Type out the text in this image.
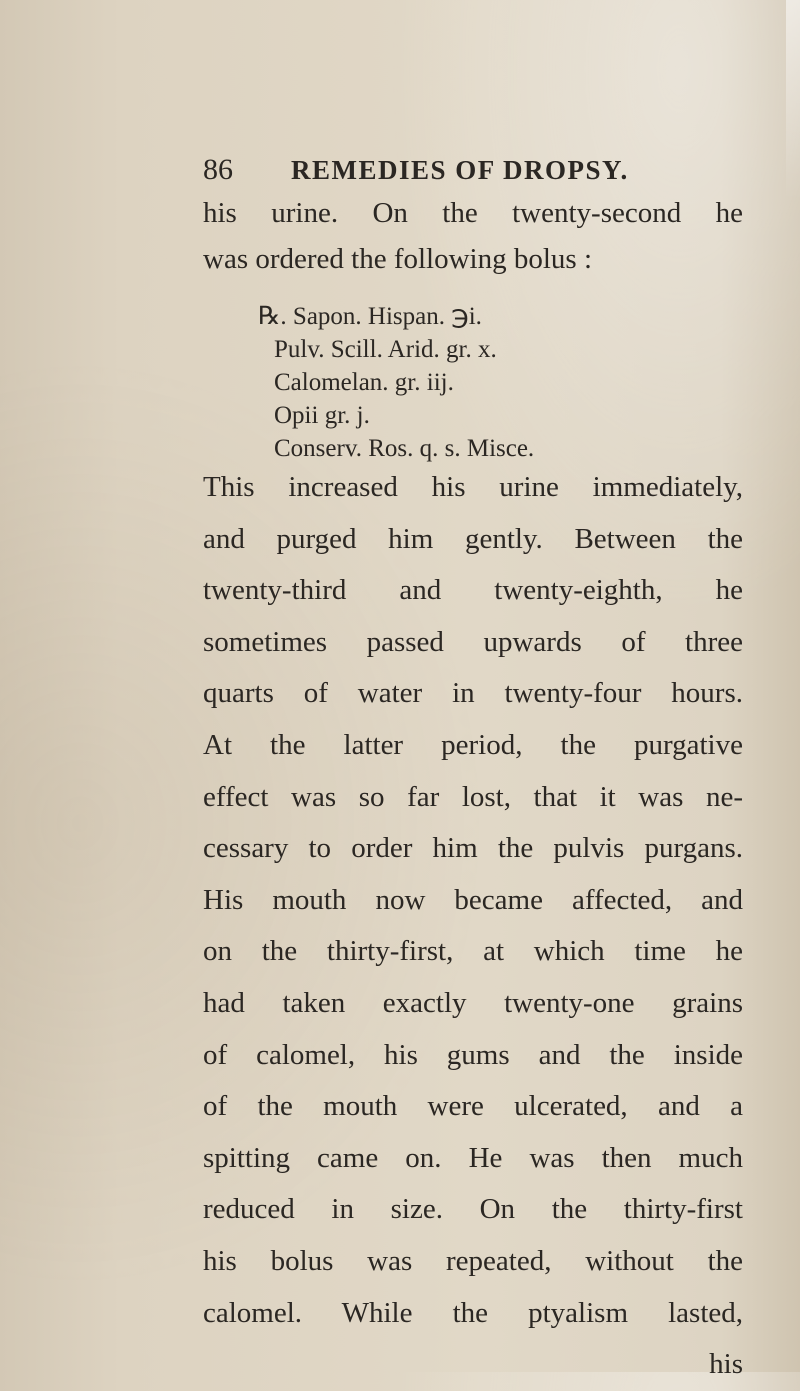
86 REMEDIES OF DROPSY.
his urine. On the twenty-second he
was ordered the following bolus :
℞. Sapon. Hispan. ℈i.
Pulv. Scill. Arid. gr. x.
Calomelan. gr. iij.
Opii gr. j.
Conserv. Ros. q. s. Misce.
This increased his urine immediately,
and purged him gently. Between the
twenty-third and twenty-eighth, he
sometimes passed upwards of three
quarts of water in twenty-four hours.
At the latter period, the purgative
effect was so far lost, that it was ne-
cessary to order him the pulvis purgans.
His mouth now became affected, and
on the thirty-first, at which time he
had taken exactly twenty-one grains
of calomel, his gums and the inside
of the mouth were ulcerated, and a
spitting came on. He was then much
reduced in size. On the thirty-first
his bolus was repeated, without the
calomel. While the ptyalism lasted,
his
